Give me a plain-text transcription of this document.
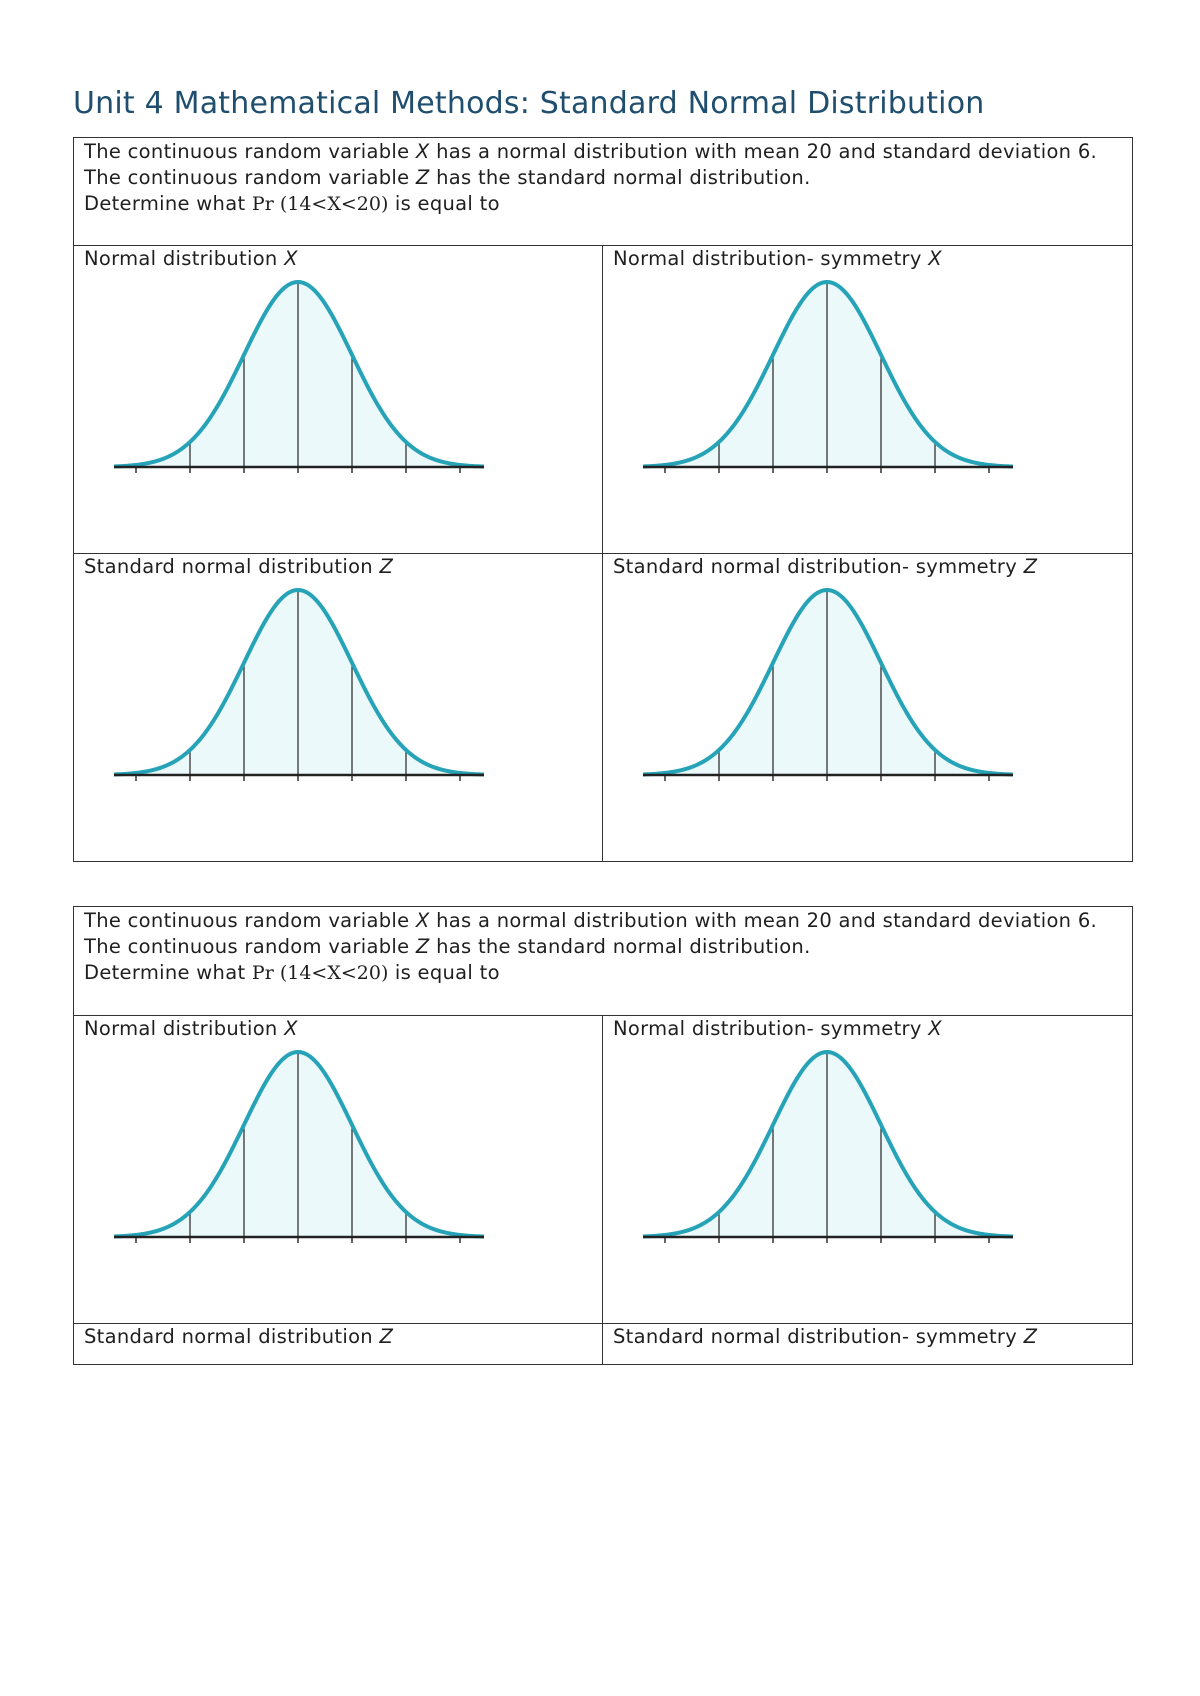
Unit 4 Mathematical Methods: Standard Normal Distribution

The continuous random variable X has a normal distribution with mean 20 and standard deviation 6.

The continuous random variable Z has the standard normal distribution.

Determine what Pr (14<X<20) is equal to	

Normal distribution X	Normal distribution- symmetry X

Standard normal distribution Z	Standard normal distribution- symmetry Z

The continuous random variable X has a normal distribution with mean 20 and standard deviation 6.

The continuous random variable Z has the standard normal distribution.

Determine what Pr (14<X<20) is equal to	

Normal distribution X	Normal distribution- symmetry X

Standard normal distribution Z	Standard normal distribution- symmetry Z
